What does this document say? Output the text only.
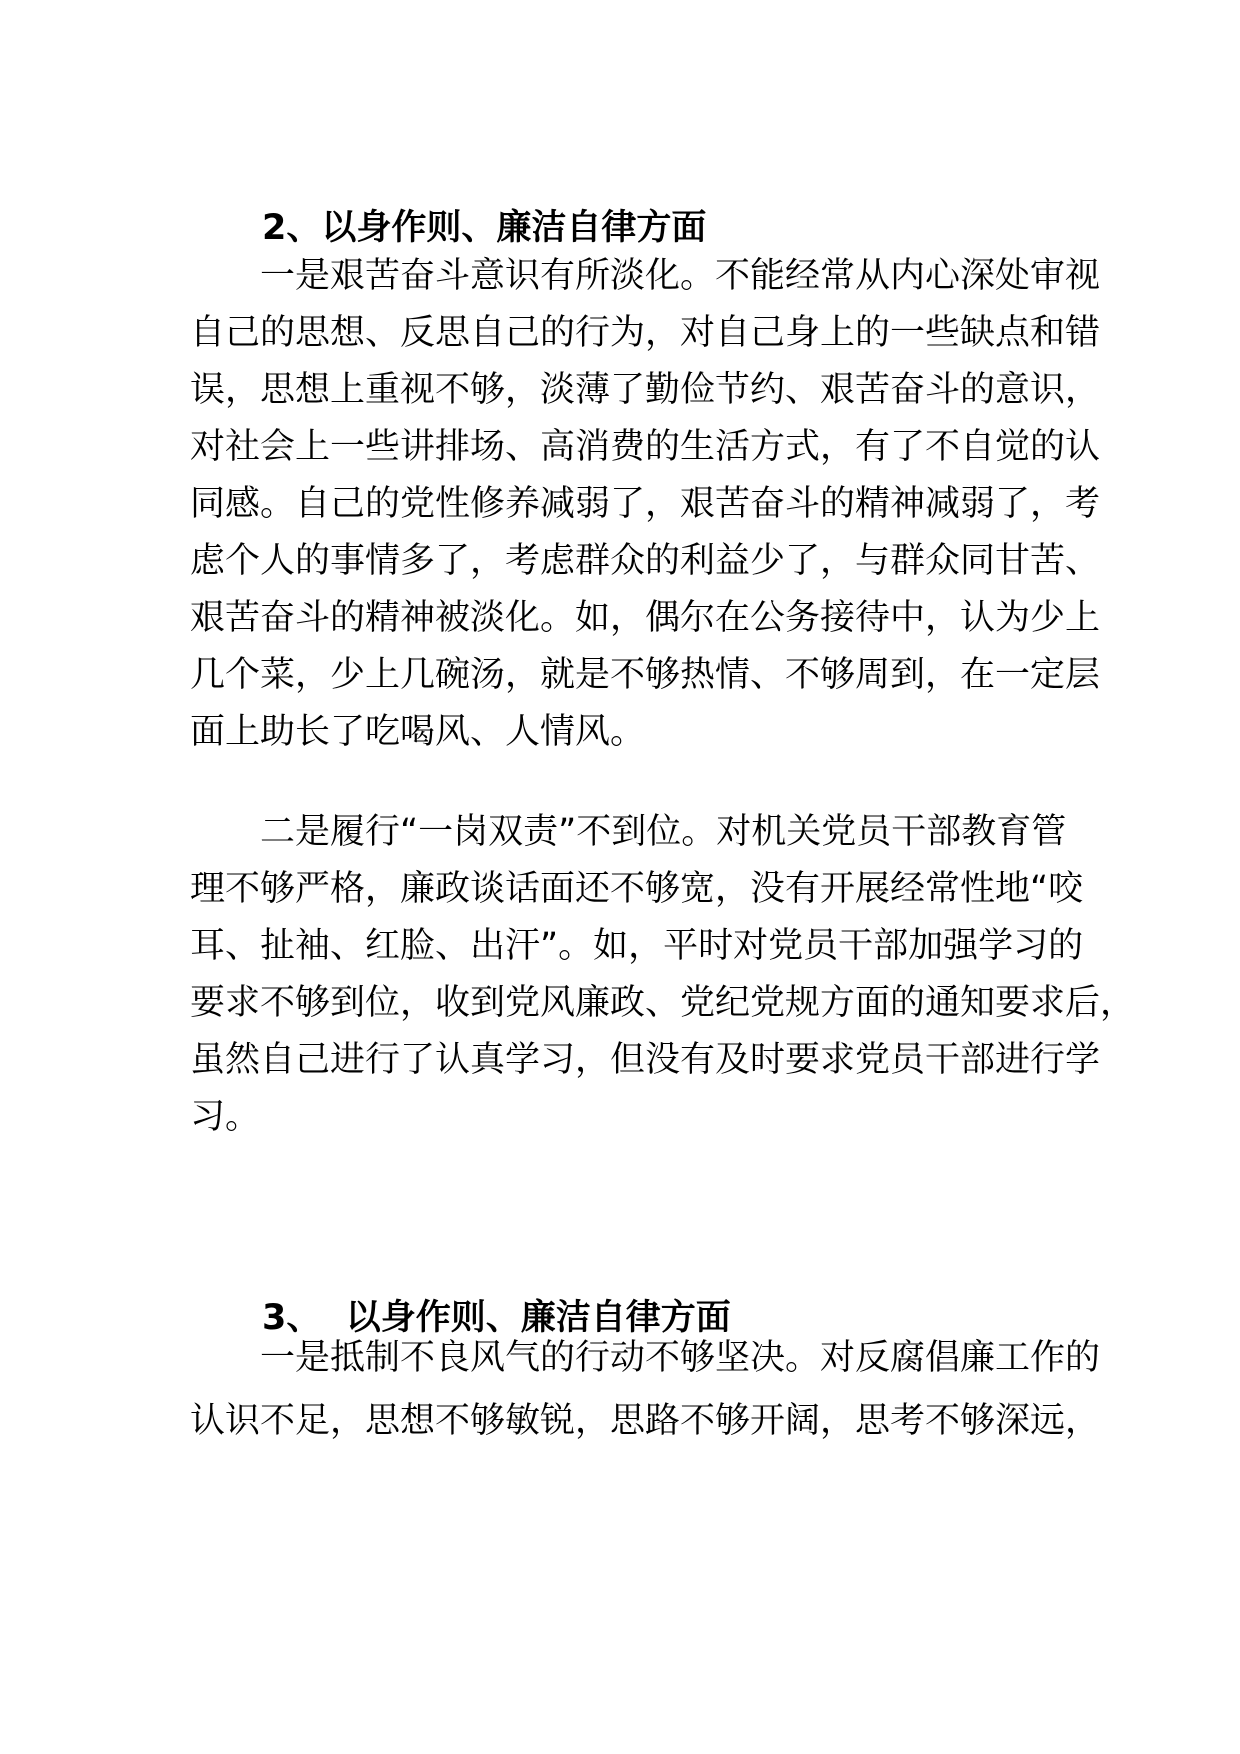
2、以身作则、廉洁自律方面
一是艰苦奋斗意识有所淡化。不能经常从内心深处审视
自己的思想、反思自己的行为，对自己身上的一些缺点和错
误，思想上重视不够，淡薄了勤俭节约、艰苦奋斗的意识，
对社会上一些讲排场、高消费的生活方式，有了不自觉的认
同感。自己的党性修养减弱了，艰苦奋斗的精神减弱了，考
虑个人的事情多了，考虑群众的利益少了，与群众同甘苦、
艰苦奋斗的精神被淡化。如，偶尔在公务接待中，认为少上
几个菜，少上几碗汤，就是不够热情、不够周到，在一定层
面上助长了吃喝风、人情风。
二是履行“一岗双责”不到位。对机关党员干部教育管
理不够严格，廉政谈话面还不够宽，没有开展经常性地“咬
耳、扯袖、红脸、出汗”。如，平时对党员干部加强学习的
要求不够到位，收到党风廉政、党纪党规方面的通知要求后，
虽然自己进行了认真学习，但没有及时要求党员干部进行学
习。
3、  以身作则、廉洁自律方面
一是抵制不良风气的行动不够坚决。对反腐倡廉工作的
认识不足，思想不够敏锐，思路不够开阔，思考不够深远，
